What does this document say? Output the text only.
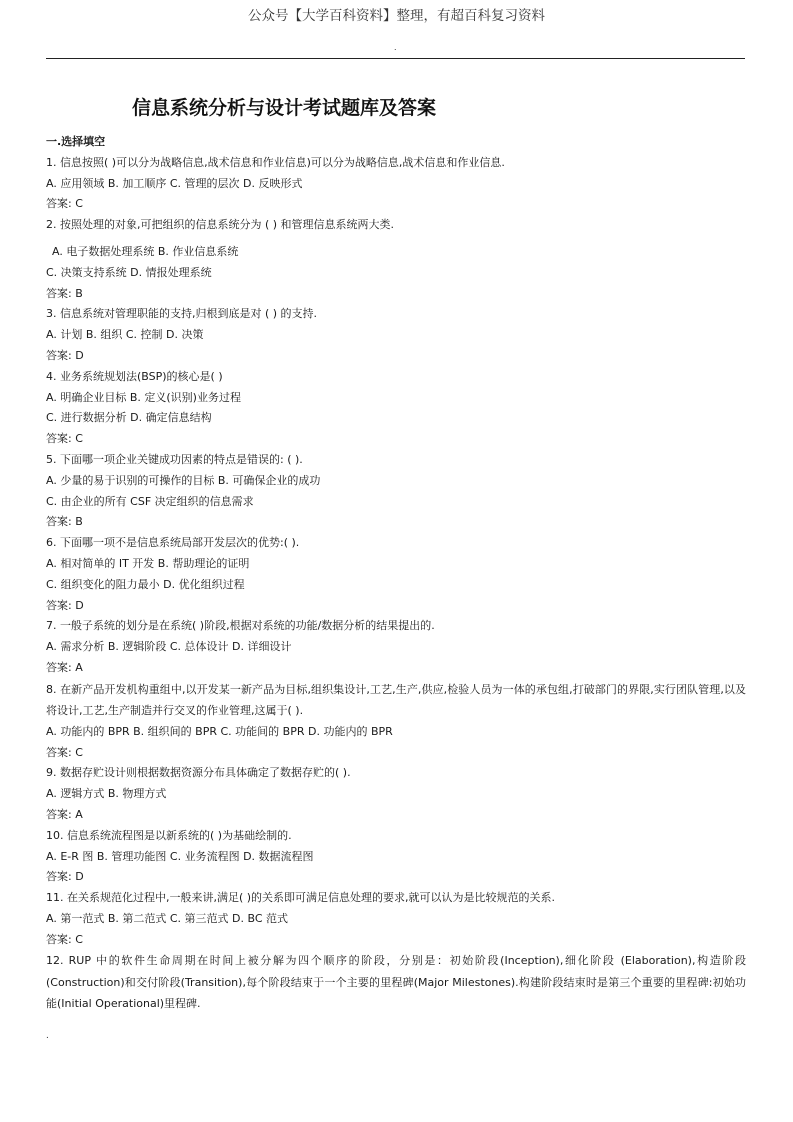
公众号【大学百科资料】整理，有超百科复习资料
.
信息系统分析与设计考试题库及答案
一.选择填空
1. 信息按照( )可以分为战略信息,战术信息和作业信息)可以分为战略信息,战术信息和作业信息.
A. 应用领域 B. 加工顺序 C. 管理的层次 D. 反映形式
答案: C
2. 按照处理的对象,可把组织的信息系统分为 ( ) 和管理信息系统两大类.
A. 电子数据处理系统 B. 作业信息系统
C. 决策支持系统 D. 情报处理系统
答案: B
3. 信息系统对管理职能的支持,归根到底是对 ( ) 的支持.
A. 计划 B. 组织 C. 控制 D. 决策
答案: D
4. 业务系统规划法(BSP)的核心是( )
A. 明确企业目标 B. 定义(识别)业务过程
C. 进行数据分析 D. 确定信息结构
答案: C
5. 下面哪一项企业关键成功因素的特点是错误的: ( ).
A. 少量的易于识别的可操作的目标 B. 可确保企业的成功
C. 由企业的所有 CSF 决定组织的信息需求
答案: B
6. 下面哪一项不是信息系统局部开发层次的优势:( ).
A. 相对简单的 IT 开发 B. 帮助理论的证明
C. 组织变化的阻力最小 D. 优化组织过程
答案: D
7. 一般子系统的划分是在系统( )阶段,根据对系统的功能/数据分析的结果提出的.
A. 需求分析 B. 逻辑阶段 C. 总体设计 D. 详细设计
答案: A
8. 在新产品开发机构重组中,以开发某一新产品为目标,组织集设计,工艺,生产,供应,检验人员为一体的承包组,打破部门的界限,实行团队管理,以及将设计,工艺,生产制造并行交叉的作业管理,这属于( ).
A. 功能内的 BPR B. 组织间的 BPR C. 功能间的 BPR D. 功能内的 BPR
答案: C
9. 数据存贮设计则根据数据资源分布具体确定了数据存贮的( ).
A. 逻辑方式 B. 物理方式
答案: A
10. 信息系统流程图是以新系统的( )为基础绘制的.
A. E-R 图 B. 管理功能图 C. 业务流程图 D. 数据流程图
答案: D
11. 在关系规范化过程中,一般来讲,满足( )的关系即可满足信息处理的要求,就可以认为是比较规范的关系.
A. 第一范式 B. 第二范式 C. 第三范式 D. BC 范式
答案: C
12. RUP 中的软件生命周期在时间上被分解为四个顺序的阶段，分别是：初始阶段(Inception),细化阶段 (Elaboration),构造阶段(Construction)和交付阶段(Transition),每个阶段结束于一个主要的里程碑(Major Milestones).构建阶段结束时是第三个重要的里程碑:初始功能(Initial Operational)里程碑.
.
